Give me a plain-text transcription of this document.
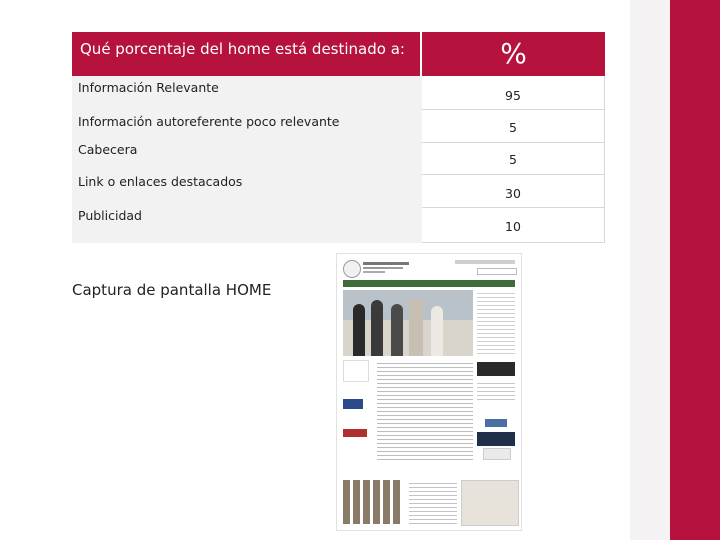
Qué porcentaje del home está destinado a:	%
Información Relevante
Información autoreferente poco relevante
Cabecera
Link o enlaces destacados
Publicidad
95
5
5
30
10
Captura de pantalla HOME
